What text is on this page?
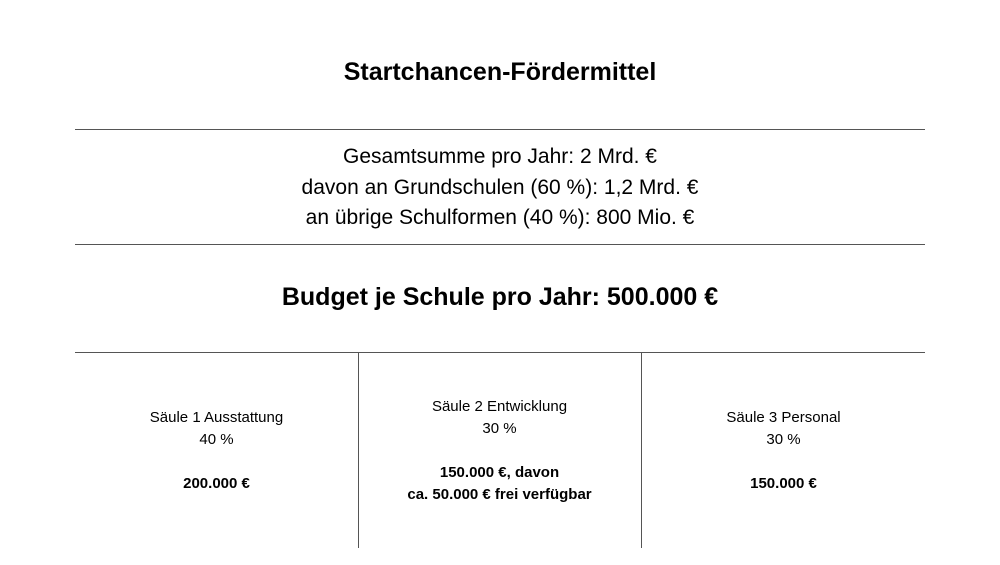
Startchancen-Fördermittel
Gesamtsumme pro Jahr: 2 Mrd. €
davon an Grundschulen (60 %): 1,2 Mrd. €
an übrige Schulformen (40 %): 800 Mio. €
Budget je Schule pro Jahr: 500.000 €
Säule 1 Ausstattung
40 %
200.000 €
Säule 2 Entwicklung
30 %
150.000 €, davon
ca. 50.000 € frei verfügbar
Säule 3 Personal
30 %
150.000 €
